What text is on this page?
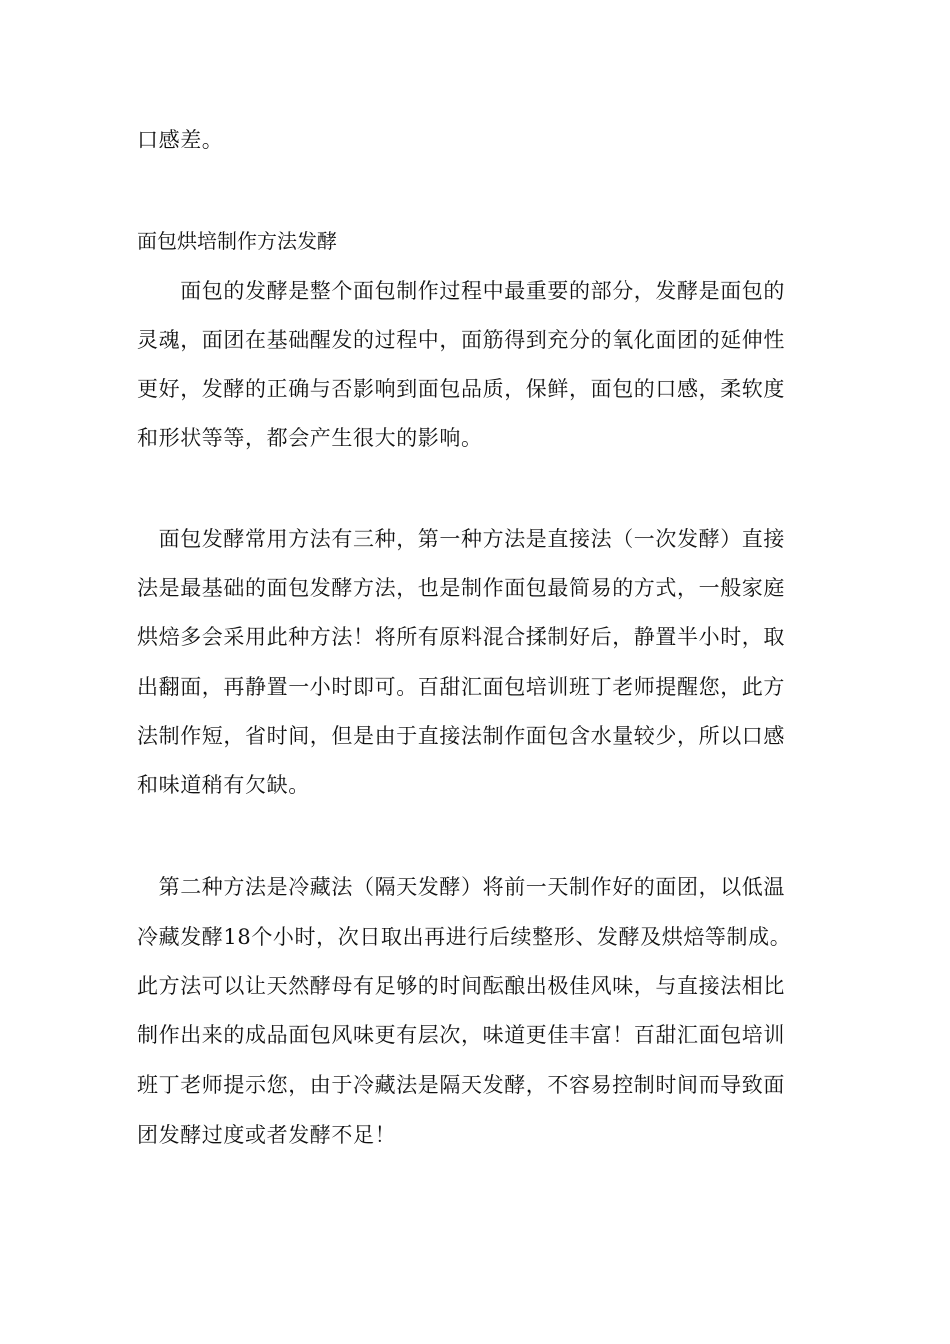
口感差。
面包烘培制作方法发酵
　　面包的发酵是整个面包制作过程中最重要的部分，发酵是面包的
灵魂，面团在基础醒发的过程中，面筋得到充分的氧化面团的延伸性
更好，发酵的正确与否影响到面包品质，保鲜，面包的口感，柔软度
和形状等等，都会产生很大的影响。
　面包发酵常用方法有三种，第一种方法是直接法（一次发酵）直接
法是最基础的面包发酵方法，也是制作面包最简易的方式，一般家庭
烘焙多会采用此种方法！将所有原料混合揉制好后，静置半小时，取
出翻面，再静置一小时即可。百甜汇面包培训班丁老师提醒您，此方
法制作短，省时间，但是由于直接法制作面包含水量较少，所以口感
和味道稍有欠缺。
　第二种方法是冷藏法（隔天发酵）将前一天制作好的面团，以低温
冷藏发酵18个小时，次日取出再进行后续整形、发酵及烘焙等制成。
此方法可以让天然酵母有足够的时间酝酿出极佳风味，与直接法相比
制作出来的成品面包风味更有层次，味道更佳丰富！百甜汇面包培训
班丁老师提示您，由于冷藏法是隔天发酵，不容易控制时间而导致面
团发酵过度或者发酵不足！
